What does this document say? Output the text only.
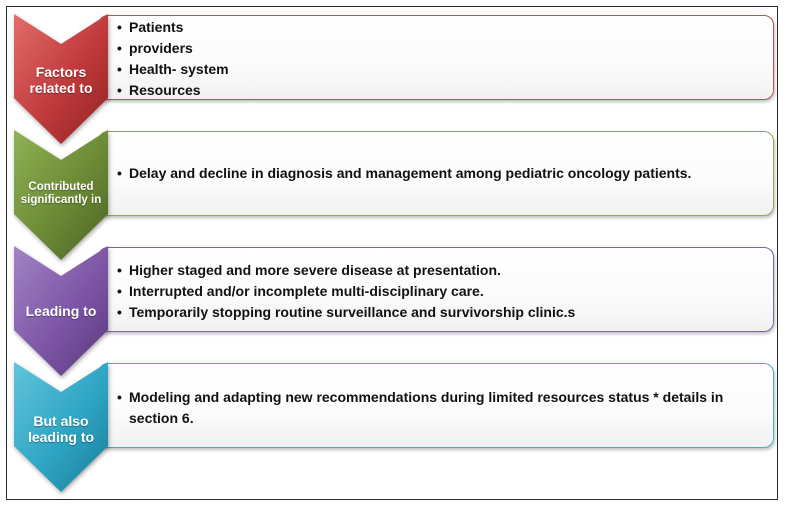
• Patients
• providers
• Health- system
• Resources
Factors
related to
• Delay and decline in diagnosis and management among pediatric oncology patients.
Contributed
significantly in
• Higher staged and more severe disease at presentation.
• Interrupted and/or incomplete multi-disciplinary care.
• Temporarily stopping routine surveillance and survivorship clinic.s
Leading to
• Modeling and adapting new recommendations during limited resources status * details in section 6.
But also
leading to
